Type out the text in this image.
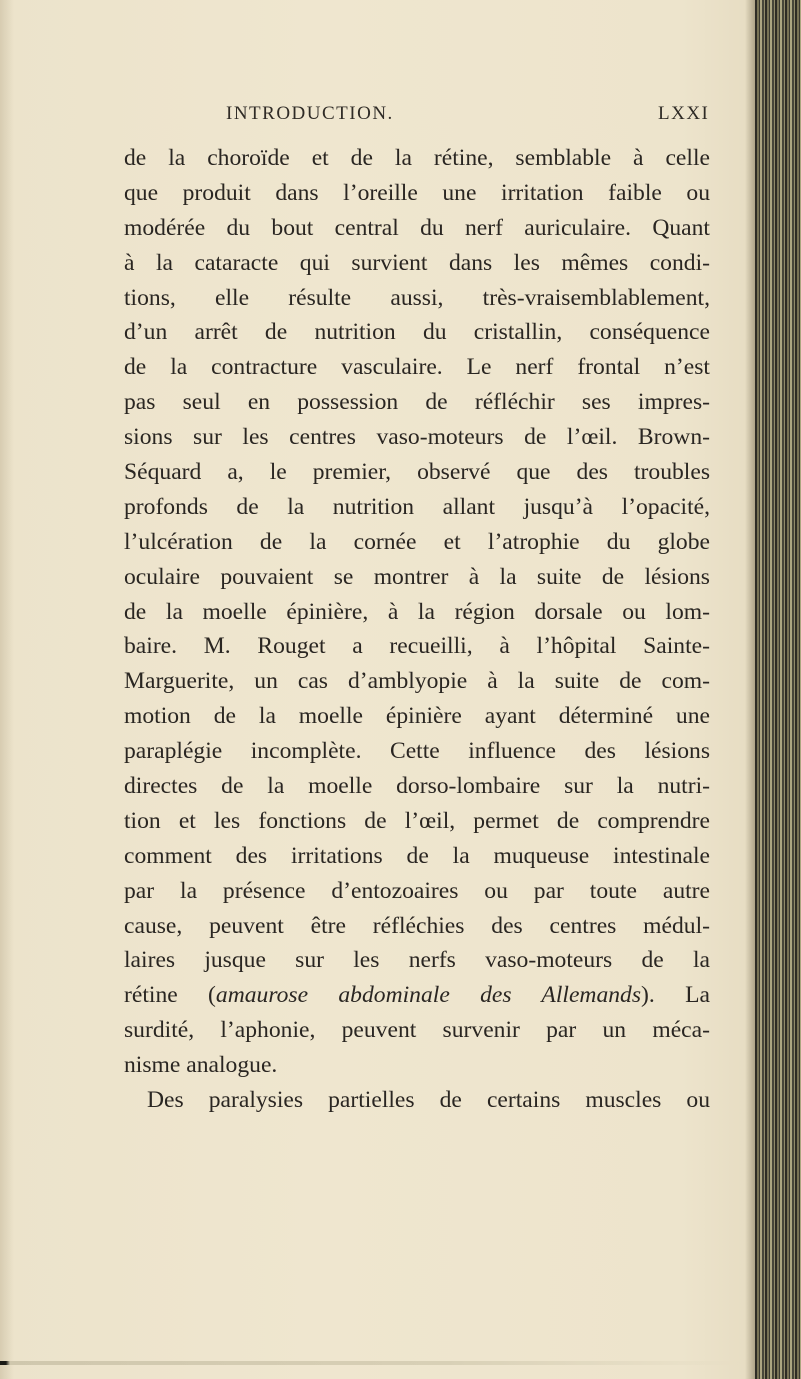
INTRODUCTION.	LXXI
de la choroïde et de la rétine, semblable à celle
que produit dans l’oreille une irritation faible ou
modérée du bout central du nerf auriculaire. Quant
à la cataracte qui survient dans les mêmes condi-
tions, elle résulte aussi, très-vraisemblablement,
d’un arrêt de nutrition du cristallin, conséquence
de la contracture vasculaire. Le nerf frontal n’est
pas seul en possession de réfléchir ses impres-
sions sur les centres vaso-moteurs de l’œil. Brown-
Séquard a, le premier, observé que des troubles
profonds de la nutrition allant jusqu’à l’opacité,
l’ulcération de la cornée et l’atrophie du globe
oculaire pouvaient se montrer à la suite de lésions
de la moelle épinière, à la région dorsale ou lom-
baire. M. Rouget a recueilli, à l’hôpital Sainte-
Marguerite, un cas d’amblyopie à la suite de com-
motion de la moelle épinière ayant déterminé une
paraplégie incomplète. Cette influence des lésions
directes de la moelle dorso-lombaire sur la nutri-
tion et les fonctions de l’œil, permet de comprendre
comment des irritations de la muqueuse intestinale
par la présence d’entozoaires ou par toute autre
cause, peuvent être réfléchies des centres médul-
laires jusque sur les nerfs vaso-moteurs de la
rétine (amaurose abdominale des Allemands). La
surdité, l’aphonie, peuvent survenir par un méca-
nisme analogue.
Des paralysies partielles de certains muscles ou
